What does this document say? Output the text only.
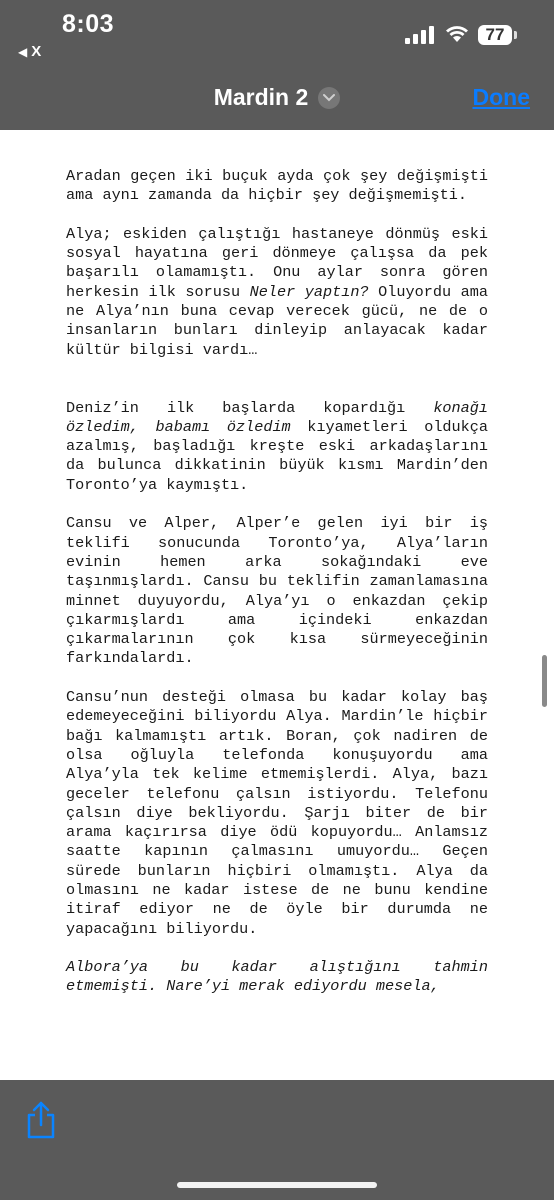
8:03
◀ X
77
Mardin 2	Done

Aradan geçen iki buçuk ayda çok şey değişmişti ama aynı zamanda da hiçbir şey değişmemişti.

Alya; eskiden çalıştığı hastaneye dönmüş eski sosyal hayatına geri dönmeye çalışsa da pek başarılı olamamıştı. Onu aylar sonra gören herkesin ilk sorusu Neler yaptın? Oluyordu ama ne Alya’nın buna cevap verecek gücü, ne de o insanların bunları dinleyip anlayacak kadar kültür bilgisi vardı…

Deniz’in ilk başlarda kopardığı konağı özledim, babamı özledim kıyametleri oldukça azalmış, başladığı kreşte eski arkadaşlarını da bulunca dikkatinin büyük kısmı Mardin’den Toronto’ya kaymıştı.

Cansu ve Alper, Alper’e gelen iyi bir iş teklifi sonucunda Toronto’ya, Alya’ların evinin hemen arka sokağındaki eve taşınmışlardı. Cansu bu teklifin zamanlamasına minnet duyuyordu, Alya’yı o enkazdan çekip çıkarmışlardı ama içindeki enkazdan çıkarmalarının çok kısa sürmeyeceğinin farkındalardı.

Cansu’nun desteği olmasa bu kadar kolay baş edemeyeceğini biliyordu Alya. Mardin’le hiçbir bağı kalmamıştı artık. Boran, çok nadiren de olsa oğluyla telefonda konuşuyordu ama Alya’yla tek kelime etmemişlerdi. Alya, bazı geceler telefonu çalsın istiyordu. Telefonu çalsın diye bekliyordu. Şarjı biter de bir arama kaçırırsa diye ödü kopuyordu… Anlamsız saatte kapının çalmasını umuyordu… Geçen sürede bunların hiçbiri olmamıştı. Alya da olmasını ne kadar istese de ne bunu kendine itiraf ediyor ne de öyle bir durumda ne yapacağını biliyordu.

Albora’ya bu kadar alıştığını tahmin etmemişti. Nare’yi merak ediyordu mesela,
